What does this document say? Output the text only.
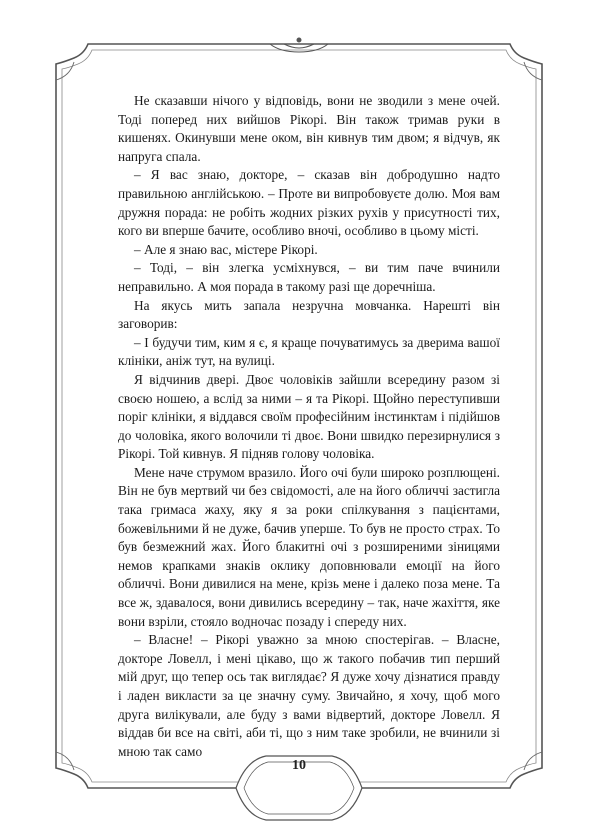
Не сказавши нічого у відповідь, вони не зводили з мене очей. Тоді поперед них вийшов Рікорі. Він також тримав руки в кишенях. Окинувши мене оком, він кивнув тим двом; я відчув, як напруга спала.

– Я вас знаю, докторе, – сказав він добродушно надто правильною англійською. – Проте ви випробовуєте долю. Моя вам дружня порада: не робіть жодних різких рухів у присутності тих, кого ви вперше бачите, особливо вночі, особливо в цьому місті.

– Але я знаю вас, містере Рікорі.

– Тоді, – він злегка усміхнувся, – ви тим паче вчинили неправильно. А моя порада в такому разі ще доречніша.

На якусь мить запала незручна мовчанка. Нарешті він заговорив:

– І будучи тим, ким я є, я краще почуватимусь за дверима вашої клініки, аніж тут, на вулиці.

Я відчинив двері. Двоє чоловіків зайшли всередину разом зі своєю ношею, а вслід за ними – я та Рікорі. Щойно переступивши поріг клініки, я віддався своїм професійним інстинктам і підійшов до чоловіка, якого волочили ті двоє. Вони швидко перезирнулися з Рікорі. Той кивнув. Я підняв голову чоловіка.

Мене наче струмом вразило. Його очі були широко розплющені. Він не був мертвий чи без свідомості, але на його обличчі застигла така гримаса жаху, яку я за роки спілкування з пацієнтами, божевільними й не дуже, бачив уперше. То був не просто страх. То був безмежний жах. Його блакитні очі з розширеними зіницями немов крапками знаків оклику доповнювали емоції на його обличчі. Вони дивилися на мене, крізь мене і далеко поза мене. Та все ж, здавалося, вони дивились всередину – так, наче жахіття, яке вони взріли, стояло водночас позаду і спереду них.

– Власне! – Рікорі уважно за мною спостерігав. – Власне, докторе Ловелл, і мені цікаво, що ж такого побачив тип перший мій друг, що тепер ось так виглядає? Я дуже хочу дізнатися правду і ладен викласти за це значну суму. Звичайно, я хочу, щоб мого друга вилікували, але буду з вами відвертий, докторе Ловелл. Я віддав би все на світі, аби ті, що з ним таке зробили, не вчинили зі мною так само

10
